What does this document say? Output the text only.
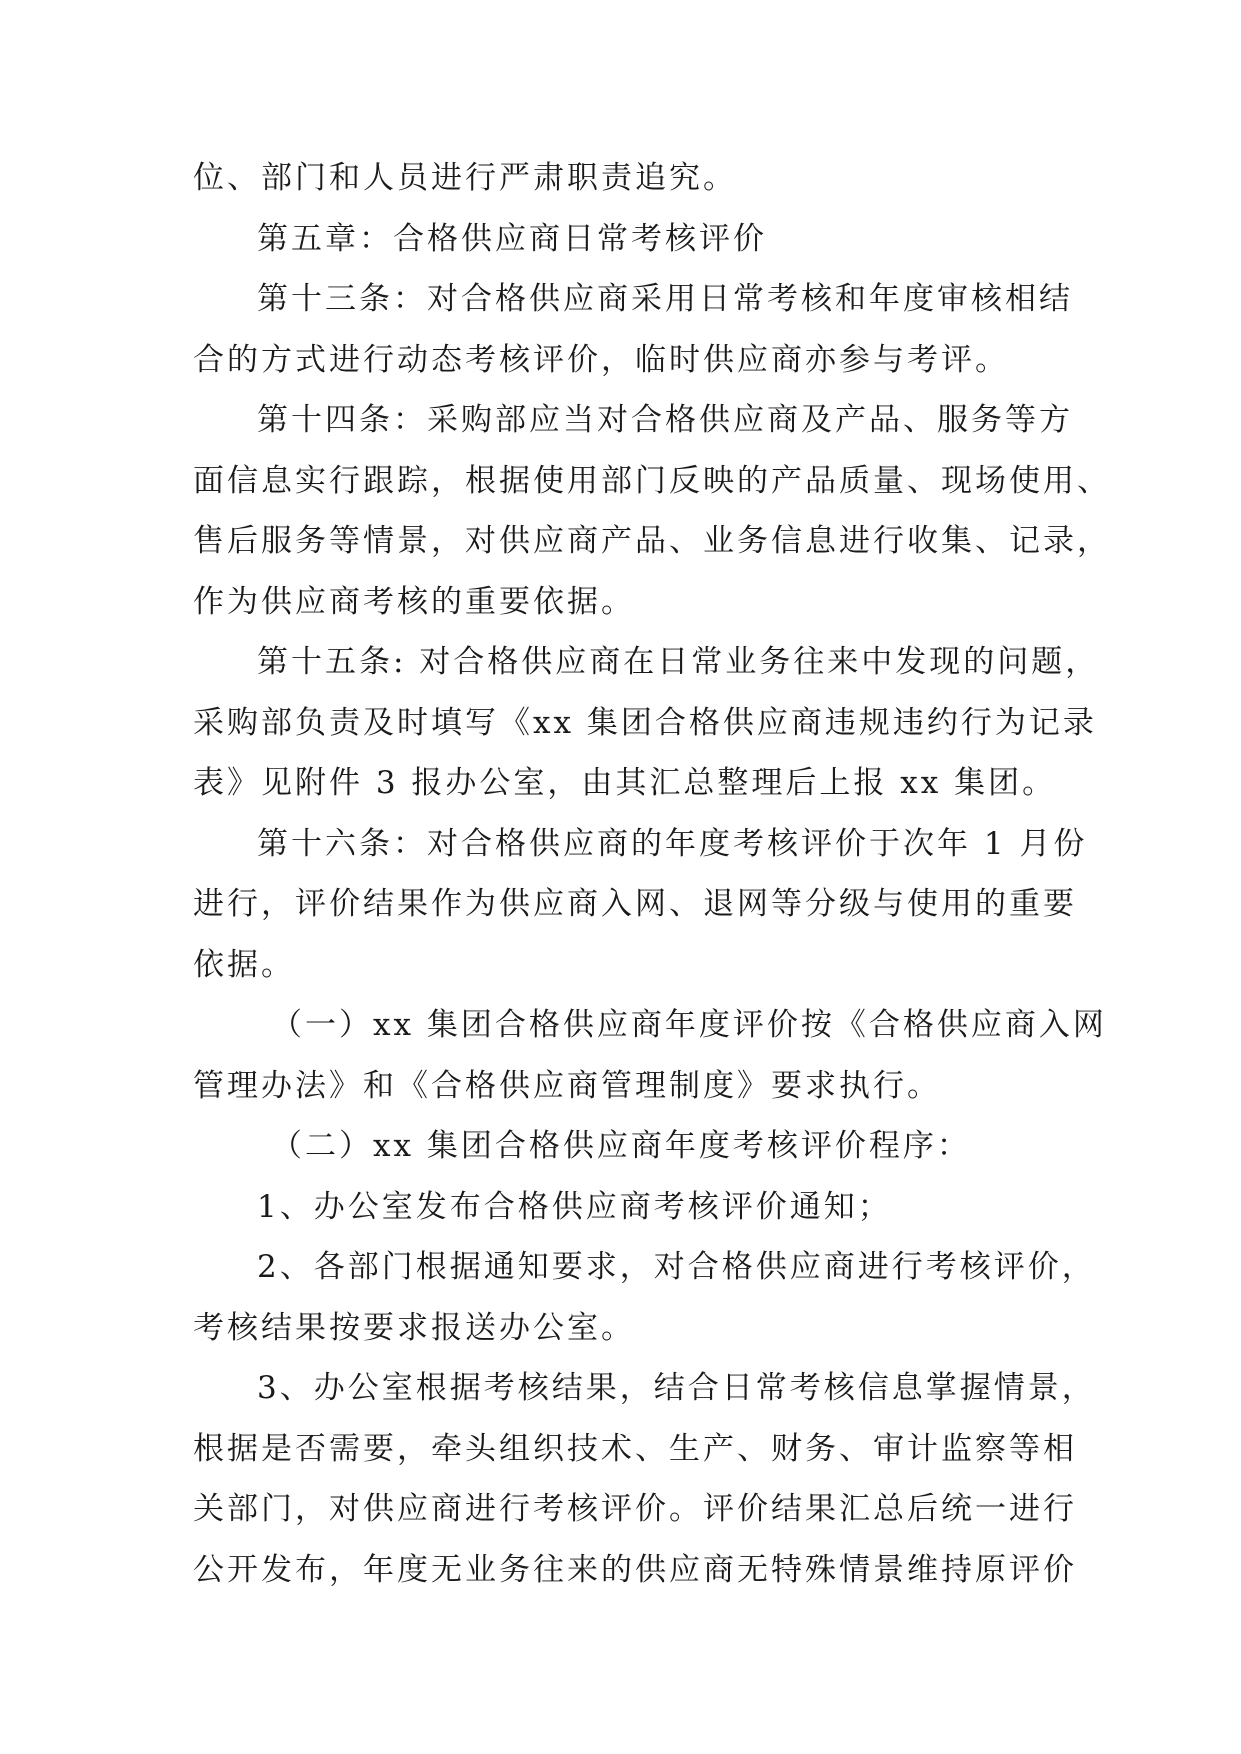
位、部门和人员进行严肃职责追究。
第五章：合格供应商日常考核评价
第十三条：对合格供应商采用日常考核和年度审核相结
合的方式进行动态考核评价，临时供应商亦参与考评。
第十四条：采购部应当对合格供应商及产品、服务等方
面信息实行跟踪，根据使用部门反映的产品质量、现场使用、
售后服务等情景，对供应商产品、业务信息进行收集、记录，
作为供应商考核的重要依据。
第十五条: 对合格供应商在日常业务往来中发现的问题，
采购部负责及时填写《xx 集团合格供应商违规违约行为记录
表》见附件 3 报办公室，由其汇总整理后上报 xx 集团。
第十六条：对合格供应商的年度考核评价于次年 1 月份
进行，评价结果作为供应商入网、退网等分级与使用的重要
依据。
（一）xx 集团合格供应商年度评价按《合格供应商入网
管理办法》和《合格供应商管理制度》要求执行。
（二）xx 集团合格供应商年度考核评价程序：
1、办公室发布合格供应商考核评价通知；
2、各部门根据通知要求，对合格供应商进行考核评价，
考核结果按要求报送办公室。
3、办公室根据考核结果，结合日常考核信息掌握情景，
根据是否需要，牵头组织技术、生产、财务、审计监察等相
关部门，对供应商进行考核评价。评价结果汇总后统一进行
公开发布，年度无业务往来的供应商无特殊情景维持原评价
